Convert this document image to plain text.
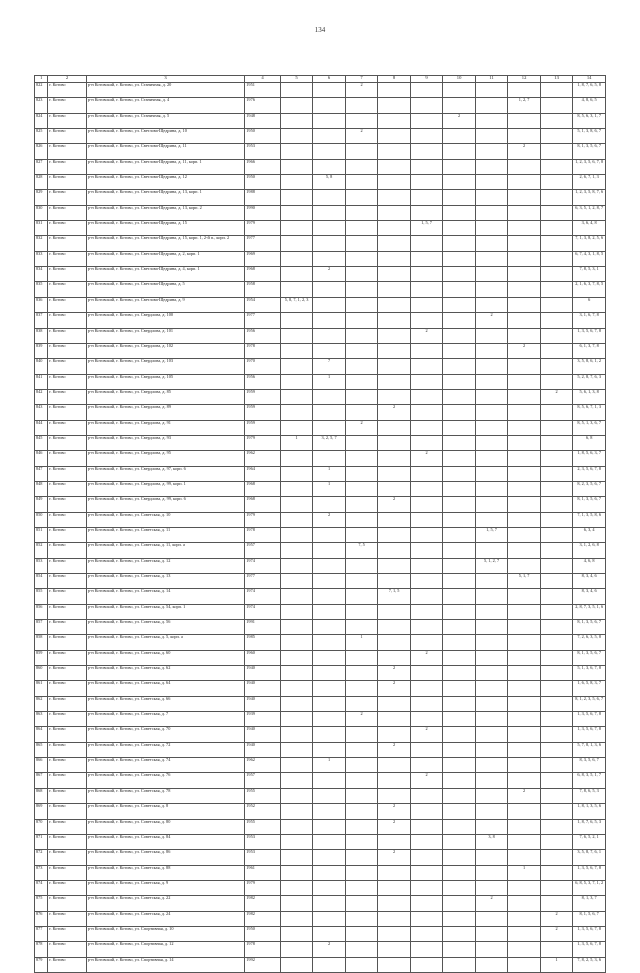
134
1	2	3	4	5	6	7	8	9	10	11	12	13	14
822	г. Котово	р-н Котовский, г. Котово, ул. Станичная, д. 20	1951			2							1, 8, 7, 6, 5, 8
823	г. Котово	р-н Котовский, г. Котово, ул. Станичная, д. 4	1976								1, 2, 7		4, 8, 6, 5
824	г. Котово	р-н Котовский, г. Котово, ул. Станичная, д. 5	1948						2				8, 5, 6, 3, 1, 7
825	г. Котово	р-н Котовский, г. Котово, ул. Светлова-Щедрина, д. 10	1950			2							5, 1, 3, 8, 6, 7
826	г. Котово	р-н Котовский, г. Котово, ул. Светлова-Щедрина, д. 11	1953								2		8, 1, 3, 5, 6, 7
827	г. Котово	р-н Котовский, г. Котово, ул. Светлова-Щедрина, д. 11, корп. 1	1966										1, 2, 3, 5, 6, 7, 8
828	г. Котово	р-н Котовский, г. Котово, ул. Светлова-Щедрина, д. 12	1950		5, 8								2, 6, 7, 1, 3
829	г. Котово	р-н Котовский, г. Котово, ул. Светлова-Щедрина, д. 13, корп. 1	1988										1, 2, 3, 5, 8, 7, 6
830	г. Котово	р-н Котовский, г. Котово, ул. Светлова-Щедрина, д. 13, корп. 2	1990										6, 3, 5, 1, 2, 8, 7
831	г. Котово	р-н Котовский, г. Котово, ул. Светлова-Щедрина, д. 15	1979					1, 5, 7					3, 6, 4, 8
832	г. Котово	р-н Котовский, г. Котово, ул. Светлова-Щедрина, д. 15, корп. 1, 2-й п., корп. 2	1977										7, 1, 3, 8, 2, 5, 6
833	г. Котово	р-н Котовский, г. Котово, ул. Светлова-Щедрина, д. 2, корп. 1	1969										6, 7, 4, 3, 1, 8, 5
834	г. Котово	р-н Котовский, г. Котово, ул. Светлова-Щедрина, д. 4, корп. 1	1968		2								7, 8, 5, 3, 1
835	г. Котово	р-н Котовский, г. Котово, ул. Светлова-Щедрина, д. 5	1958										2, 1, 6, 3, 7, 8, 5
836	г. Котово	р-н Котовский, г. Котово, ул. Светлова-Щедрина, д. 9	1954	5, 8, 7, 1, 2, 3									6
837	г. Котово	р-н Котовский, г. Котово, ул. Свердлова, д. 100	1977							2			3, 1, 6, 7, 8
838	г. Котово	р-н Котовский, г. Котово, ул. Свердлова, д. 101	1956					2					1, 3, 5, 6, 7, 8
839	г. Котово	р-н Котовский, г. Котово, ул. Свердлова, д. 102	1978								2		6, 1, 3, 7, 8
840	г. Котово	р-н Котовский, г. Котово, ул. Свердлова, д. 103	1970		7								3, 5, 8, 6, 1, 2
841	г. Котово	р-н Котовский, г. Котово, ул. Свердлова, д. 105	1956		1								5, 2, 8, 7, 6, 3
842	г. Котово	р-н Котовский, г. Котово, ул. Свердлова, д. 85	1959									2	5, 6, 1, 3, 8
843	г. Котово	р-н Котовский, г. Котово, ул. Свердлова, д. 89	1959				2						8, 5, 6, 7, 1, 3
844	г. Котово	р-н Котовский, г. Котово, ул. Свердлова, д. 91	1959			2							8, 5, 1, 3, 6, 7
845	г. Котово	р-н Котовский, г. Котово, ул. Свердлова, д. 93	1979	1	3, 2, 5, 7								6, 8
846	г. Котово	р-н Котовский, г. Котово, ул. Свердлова, д. 95	1962					2					1, 8, 5, 6, 3, 7
847	г. Котово	р-н Котовский, г. Котово, ул. Свердлова, д. 97, корп. 6	1964		1								2, 3, 5, 6, 7, 8
848	г. Котово	р-н Котовский, г. Котово, ул. Свердлова, д. 99, корп. 1	1968		1								8, 2, 3, 5, 6, 7
849	г. Котово	р-н Котовский, г. Котово, ул. Свердлова, д. 99, корп. 6	1968				2						8, 1, 3, 5, 6, 7
850	г. Котово	р-н Котовский, г. Котово, ул. Советская, д. 10	1979		2								7, 1, 3, 5, 8, 6
851	г. Котово	р-н Котовский, г. Котово, ул. Советская, д. 11	1978							1, 5, 7			6, 3, 4
852	г. Котово	р-н Котовский, г. Котово, ул. Советская, д. 11, корп. а	1957			7, 5							3, 1, 2, 6, 8
853	г. Котово	р-н Котовский, г. Котово, ул. Советская, д. 12	1974							5, 1, 2, 7			4, 6, 8
854	г. Котово	р-н Котовский, г. Котово, ул. Советская, д. 13	1977								5, 1, 7		8, 3, 4, 6
855	г. Котово	р-н Котовский, г. Котово, ул. Советская, д. 14	1974				7, 1, 5						8, 3, 4, 6
856	г. Котово	р-н Котовский, г. Котово, ул. Советская, д. 54, корп. 1	1974										2, 8, 7, 3, 5, 1, 6
857	г. Котово	р-н Котовский, г. Котово, ул. Советская, д. 56	1991										8, 1, 3, 5, 6, 7
858	г. Котово	р-н Котовский, г. Котово, ул. Советская, д. 5, корп. а	1985			1							7, 2, 6, 3, 5, 8
859	г. Котово	р-н Котовский, г. Котово, ул. Советская, д. 60	1960					2					8, 1, 3, 5, 6, 7
860	г. Котово	р-н Котовский, г. Котово, ул. Советская, д. 62	1940				2						5, 1, 3, 6, 7, 8
861	г. Котово	р-н Котовский, г. Котово, ул. Советская, д. 64	1940				2						1, 6, 5, 8, 3, 7
862	г. Котово	р-н Котовский, г. Котово, ул. Советская, д. 66	1940										8, 1, 2, 3, 5, 6, 7
863	г. Котово	р-н Котовский, г. Котово, ул. Советская, д. 7	1939			2							1, 3, 5, 6, 7, 8
864	г. Котово	р-н Котовский, г. Котово, ул. Советская, д. 70	1940					2					1, 3, 5, 6, 7, 8
865	г. Котово	р-н Котовский, г. Котово, ул. Советская, д. 72	1940				2						5, 7, 8, 1, 3, 6
866	г. Котово	р-н Котовский, г. Котово, ул. Советская, д. 74	1962		1								8, 3, 5, 6, 7
867	г. Котово	р-н Котовский, г. Котово, ул. Советская, д. 76	1957					2					6, 8, 3, 5, 1, 7
868	г. Котово	р-н Котовский, г. Котово, ул. Советская, д. 78	1955								2		7, 8, 6, 5, 3
869	г. Котово	р-н Котовский, г. Котово, ул. Советская, д. 8	1952				2						1, 8, 1, 3, 5, 6
870	г. Котово	р-н Котовский, г. Котово, ул. Советская, д. 80	1955				2						1, 8, 7, 6, 5, 3
871	г. Котово	р-н Котовский, г. Котово, ул. Советская, д. 84	1953							3, 8			7, 6, 5, 2, 1
872	г. Котово	р-н Котовский, г. Котово, ул. Советская, д. 86	1953				2						3, 5, 8, 7, 6, 1
873	г. Котово	р-н Котовский, г. Котово, ул. Советская, д. 88	1961								1		1, 3, 5, 6, 7, 8
874	г. Котово	р-н Котовский, г. Котово, ул. Советская, д. 9	1979										6, 8, 5, 3, 7, 1, 2
875	г. Котово	р-н Котовский, г. Котово, ул. Советская, д. 22	1982							2			8, 1, 3, 7
876	г. Котово	р-н Котовский, г. Котово, ул. Советская, д. 24	1982									2	8, 1, 5, 6, 7
877	г. Котово	р-н Котовский, г. Котово, ул. Спортивная, д. 10	1950									2	1, 3, 5, 6, 7, 8
878	г. Котово	р-н Котовский, г. Котово, ул. Спортивная, д. 12	1978		2								1, 3, 5, 6, 7, 8
879	г. Котово	р-н Котовский, г. Котово, ул. Спортивная, д. 14	1992									1	7, 8, 2, 5, 3, 6
